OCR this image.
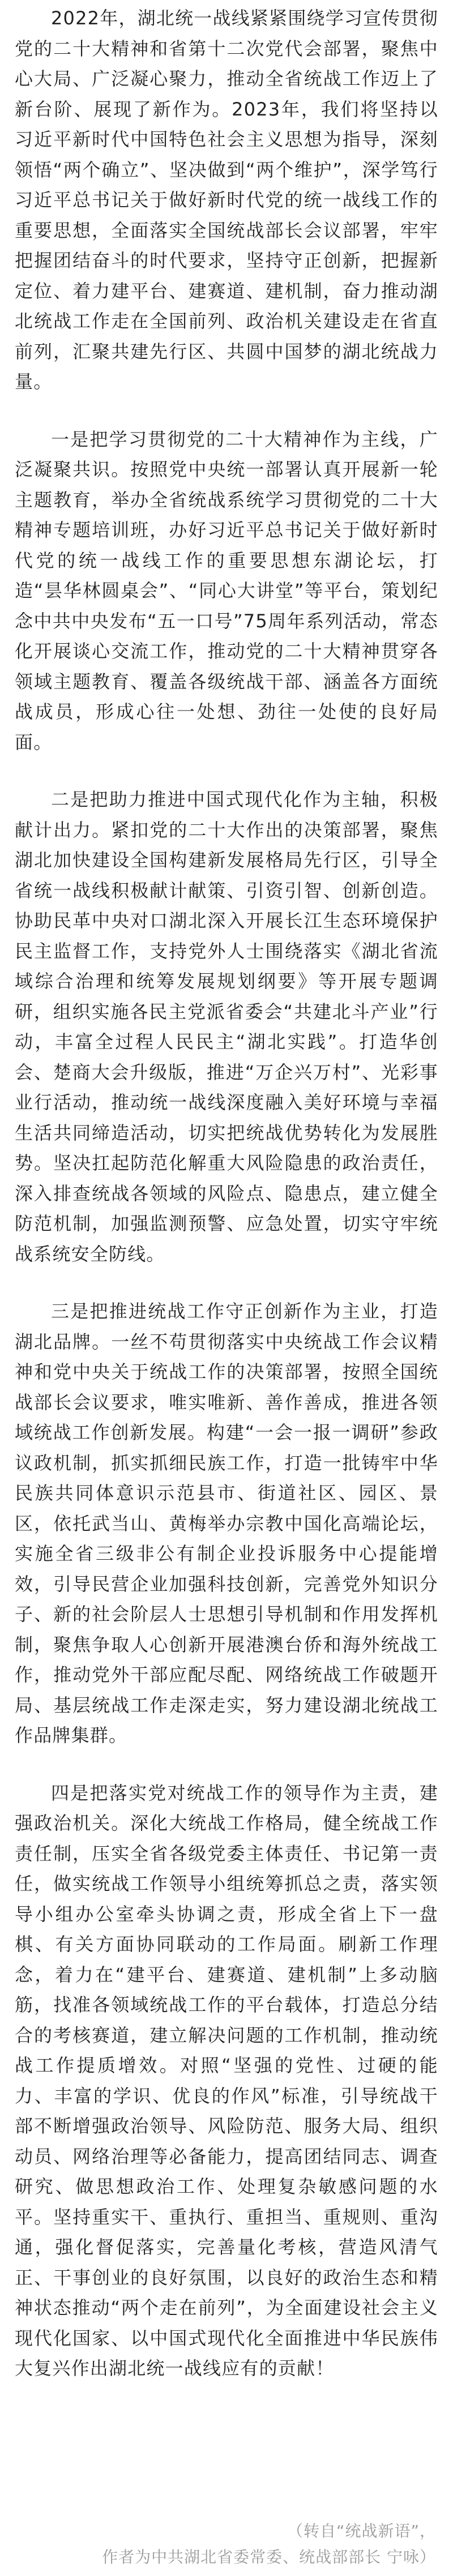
2022年，湖北统一战线紧紧围绕学习宣传贯彻党的二十大精神和省第十二次党代会部署，聚焦中心大局、广泛凝心聚力，推动全省统战工作迈上了新台阶、展现了新作为。2023年，我们将坚持以习近平新时代中国特色社会主义思想为指导，深刻领悟“两个确立”、坚决做到“两个维护”，深学笃行习近平总书记关于做好新时代党的统一战线工作的重要思想，全面落实全国统战部长会议部署，牢牢把握团结奋斗的时代要求，坚持守正创新，把握新定位、着力建平台、建赛道、建机制，奋力推动湖北统战工作走在全国前列、政治机关建设走在省直前列，汇聚共建先行区、共圆中国梦的湖北统战力量。

一是把学习贯彻党的二十大精神作为主线，广泛凝聚共识。按照党中央统一部署认真开展新一轮主题教育，举办全省统战系统学习贯彻党的二十大精神专题培训班，办好习近平总书记关于做好新时代党的统一战线工作的重要思想东湖论坛，打造“昙华林圆桌会”、“同心大讲堂”等平台，策划纪念中共中央发布“五一口号”75周年系列活动，常态化开展谈心交流工作，推动党的二十大精神贯穿各领域主题教育、覆盖各级统战干部、涵盖各方面统战成员，形成心往一处想、劲往一处使的良好局面。

二是把助力推进中国式现代化作为主轴，积极献计出力。紧扣党的二十大作出的决策部署，聚焦湖北加快建设全国构建新发展格局先行区，引导全省统一战线积极献计献策、引资引智、创新创造。协助民革中央对口湖北深入开展长江生态环境保护民主监督工作，支持党外人士围绕落实《湖北省流域综合治理和统筹发展规划纲要》等开展专题调研，组织实施各民主党派省委会“共建北斗产业”行动，丰富全过程人民民主“湖北实践”。打造华创会、楚商大会升级版，推进“万企兴万村”、光彩事业行活动，推动统一战线深度融入美好环境与幸福生活共同缔造活动，切实把统战优势转化为发展胜势。坚决扛起防范化解重大风险隐患的政治责任，深入排查统战各领域的风险点、隐患点，建立健全防范机制，加强监测预警、应急处置，切实守牢统战系统安全防线。

三是把推进统战工作守正创新作为主业，打造湖北品牌。一丝不苟贯彻落实中央统战工作会议精神和党中央关于统战工作的决策部署，按照全国统战部长会议要求，唯实唯新、善作善成，推进各领域统战工作创新发展。构建“一会一报一调研”参政议政机制，抓实抓细民族工作，打造一批铸牢中华民族共同体意识示范县市、街道社区、园区、景区，依托武当山、黄梅举办宗教中国化高端论坛，实施全省三级非公有制企业投诉服务中心提能增效，引导民营企业加强科技创新，完善党外知识分子、新的社会阶层人士思想引导机制和作用发挥机制，聚焦争取人心创新开展港澳台侨和海外统战工作，推动党外干部应配尽配、网络统战工作破题开局、基层统战工作走深走实，努力建设湖北统战工作品牌集群。

四是把落实党对统战工作的领导作为主责，建强政治机关。深化大统战工作格局，健全统战工作责任制，压实全省各级党委主体责任、书记第一责任，做实统战工作领导小组统筹抓总之责，落实领导小组办公室牵头协调之责，形成全省上下一盘棋、有关方面协同联动的工作局面。刷新工作理念，着力在“建平台、建赛道、建机制”上多动脑筋，找准各领域统战工作的平台载体，打造总分结合的考核赛道，建立解决问题的工作机制，推动统战工作提质增效。对照“坚强的党性、过硬的能力、丰富的学识、优良的作风”标准，引导统战干部不断增强政治领导、风险防范、服务大局、组织动员、网络治理等必备能力，提高团结同志、调查研究、做思想政治工作、处理复杂敏感问题的水平。坚持重实干、重执行、重担当、重规则、重沟通，强化督促落实，完善量化考核，营造风清气正、干事创业的良好氛围，以良好的政治生态和精神状态推动“两个走在前列”，为全面建设社会主义现代化国家、以中国式现代化全面推进中华民族伟大复兴作出湖北统一战线应有的贡献！

（转自“统战新语”，

作者为中共湖北省委常委、统战部部长 宁咏）
